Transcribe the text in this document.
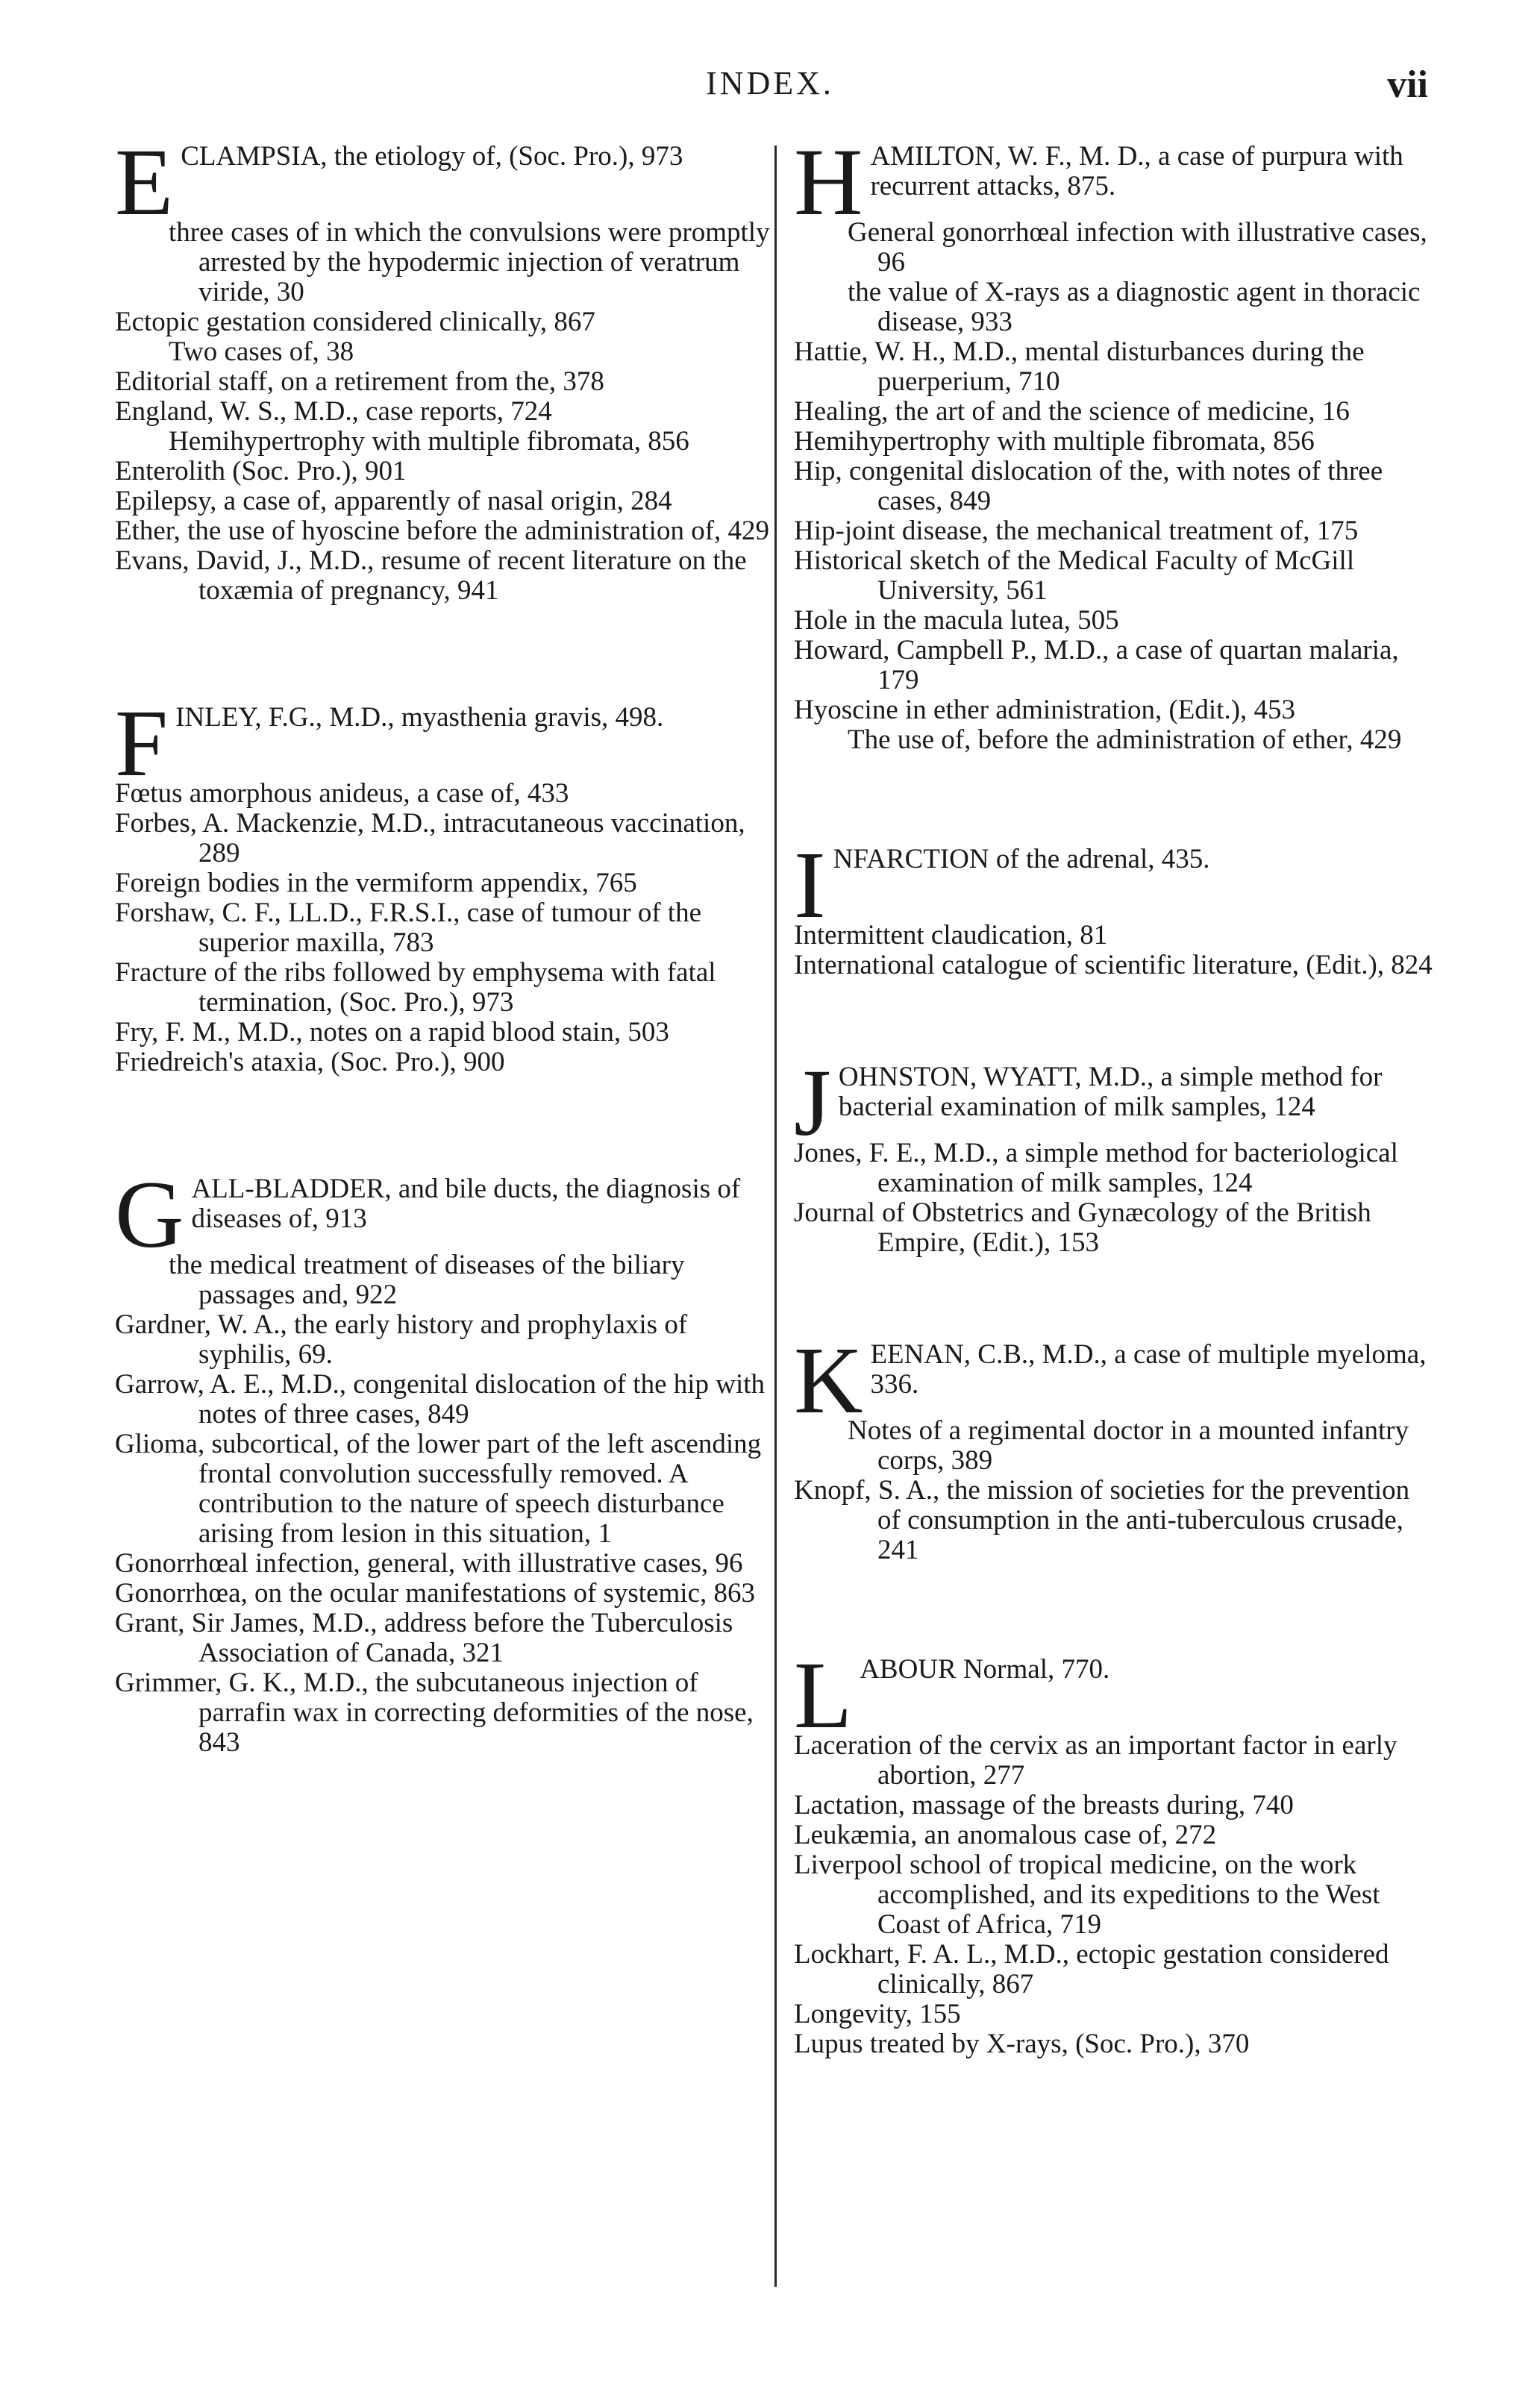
INDEX.	vii
E CLAMPSIA, the etiology of, (Soc. Pro.), 973

three cases of in which the convulsions were promptly arrested by the hypodermic injection of veratrum viride, 30

Ectopic gestation considered clinically, 867

Two cases of, 38

Editorial staff, on a retirement from the, 378

England, W. S., M.D., case reports, 724

Hemihypertrophy with multiple fibromata, 856

Enterolith (Soc. Pro.), 901

Epilepsy, a case of, apparently of nasal origin, 284

Ether, the use of hyoscine before the administration of, 429

Evans, David, J., M.D., resume of recent literature on the toxæmia of pregnancy, 941

F INLEY, F.G., M.D., myasthenia gravis, 498.

Fœtus amorphous anideus, a case of, 433

Forbes, A. Mackenzie, M.D., intracutaneous vaccination, 289

Foreign bodies in the vermiform appendix, 765

Forshaw, C. F., LL.D., F.R.S.I., case of tumour of the superior maxilla, 783

Fracture of the ribs followed by emphysema with fatal termination, (Soc. Pro.), 973

Fry, F. M., M.D., notes on a rapid blood stain, 503

Friedreich's ataxia, (Soc. Pro.), 900

G ALL-BLADDER, and bile ducts, the diagnosis of diseases of, 913

the medical treatment of diseases of the biliary passages and, 922

Gardner, W. A., the early history and prophylaxis of syphilis, 69.

Garrow, A. E., M.D., congenital dislocation of the hip with notes of three cases, 849

Glioma, subcortical, of the lower part of the left ascending frontal convolution successfully removed. A contribution to the nature of speech disturbance arising from lesion in this situation, 1

Gonorrhœal infection, general, with illustrative cases, 96

Gonorrhœa, on the ocular manifestations of systemic, 863

Grant, Sir James, M.D., address before the Tuberculosis Association of Canada, 321

Grimmer, G. K., M.D., the subcutaneous injection of parrafin wax in correcting deformities of the nose, 843

H AMILTON, W. F., M. D., a case of purpura with recurrent attacks, 875.

General gonorrhœal infection with illustrative cases, 96

the value of X-rays as a diagnostic agent in thoracic disease, 933

Hattie, W. H., M.D., mental disturbances during the puerperium, 710

Healing, the art of and the science of medicine, 16

Hemihypertrophy with multiple fibromata, 856

Hip, congenital dislocation of the, with notes of three cases, 849

Hip-joint disease, the mechanical treatment of, 175

Historical sketch of the Medical Faculty of McGill University, 561

Hole in the macula lutea, 505

Howard, Campbell P., M.D., a case of quartan malaria, 179

Hyoscine in ether administration, (Edit.), 453

The use of, before the administration of ether, 429

I NFARCTION of the adrenal, 435.

Intermittent claudication, 81

International catalogue of scientific literature, (Edit.), 824

J OHNSTON, WYATT, M.D., a simple method for bacterial examination of milk samples, 124

Jones, F. E., M.D., a simple method for bacteriological examination of milk samples, 124

Journal of Obstetrics and Gynæcology of the British Empire, (Edit.), 153

K EENAN, C.B., M.D., a case of multiple myeloma, 336.

Notes of a regimental doctor in a mounted infantry corps, 389

Knopf, S. A., the mission of societies for the prevention of consumption in the anti-tuberculous crusade, 241

L ABOUR Normal, 770.

Laceration of the cervix as an important factor in early abortion, 277

Lactation, massage of the breasts during, 740

Leukæmia, an anomalous case of, 272

Liverpool school of tropical medicine, on the work accomplished, and its expeditions to the West Coast of Africa, 719

Lockhart, F. A. L., M.D., ectopic gestation considered clinically, 867

Longevity, 155

Lupus treated by X-rays, (Soc. Pro.), 370
